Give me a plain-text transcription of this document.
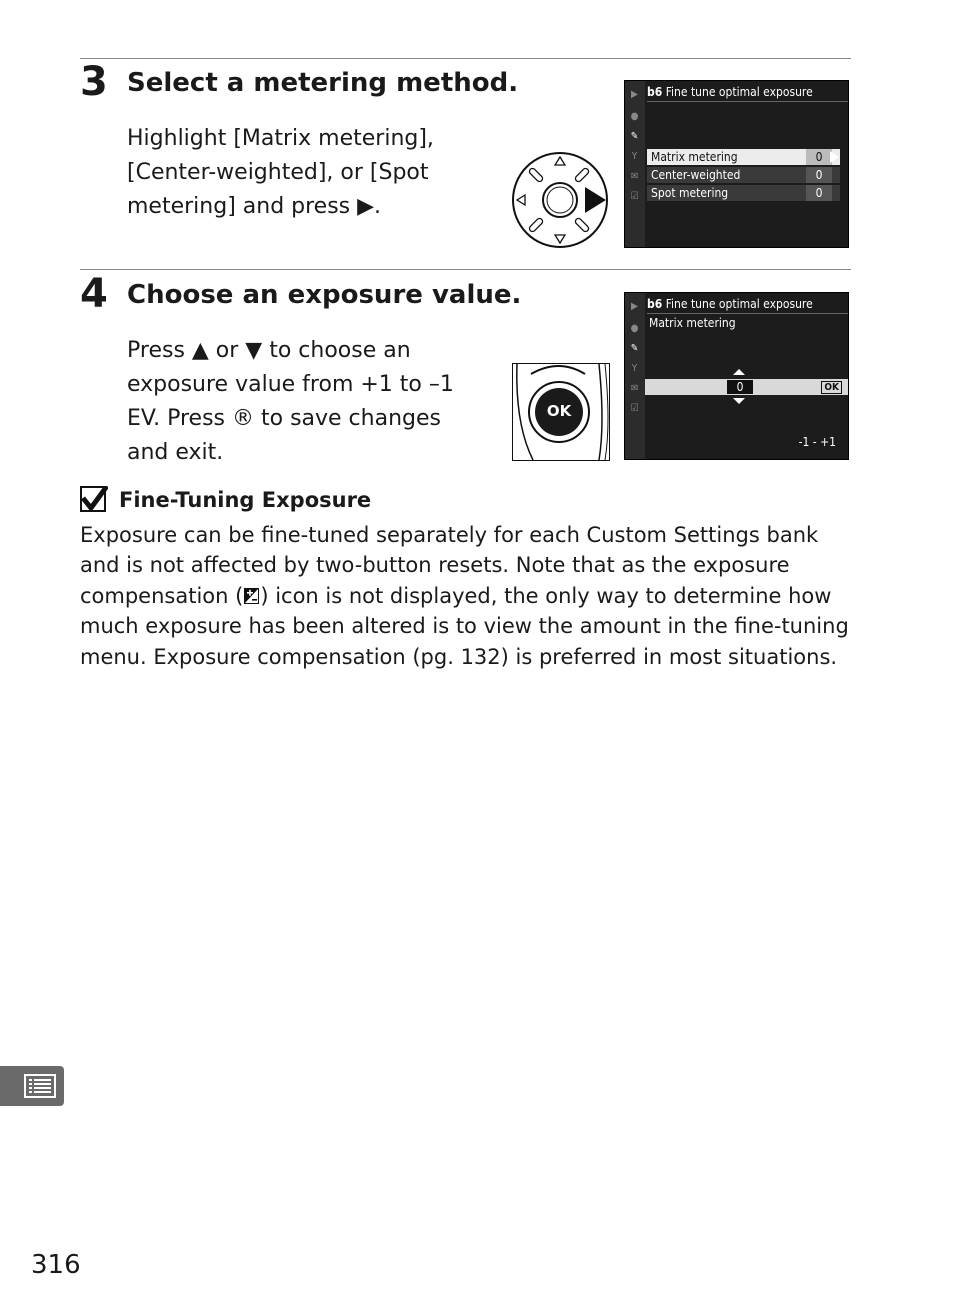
3 Select a metering method.
Highlight [Matrix metering], [Center-weighted], or [Spot metering] and press ▶.
▶
●
✎
Y
✉
☑
b6 Fine tune optimal exposure
Matrix metering	0
Center-weighted	0
Spot metering	0
4 Choose an exposure value.
Press ▲ or ▼ to choose an exposure value from +1 to –1 EV. Press ® to save changes and exit.
OK
▶
●
✎
Y
✉
☑
b6 Fine tune optimal exposure
Matrix metering
0	OK
-1 - +1
Fine-Tuning Exposure
Exposure can be fine-tuned separately for each Custom Settings bank and is not affected by two-button resets. Note that as the exposure compensation ( ) icon is not displayed, the only way to determine how much exposure has been altered is to view the amount in the fine-tuning menu. Exposure compensation (pg. 132) is preferred in most situations.
316
